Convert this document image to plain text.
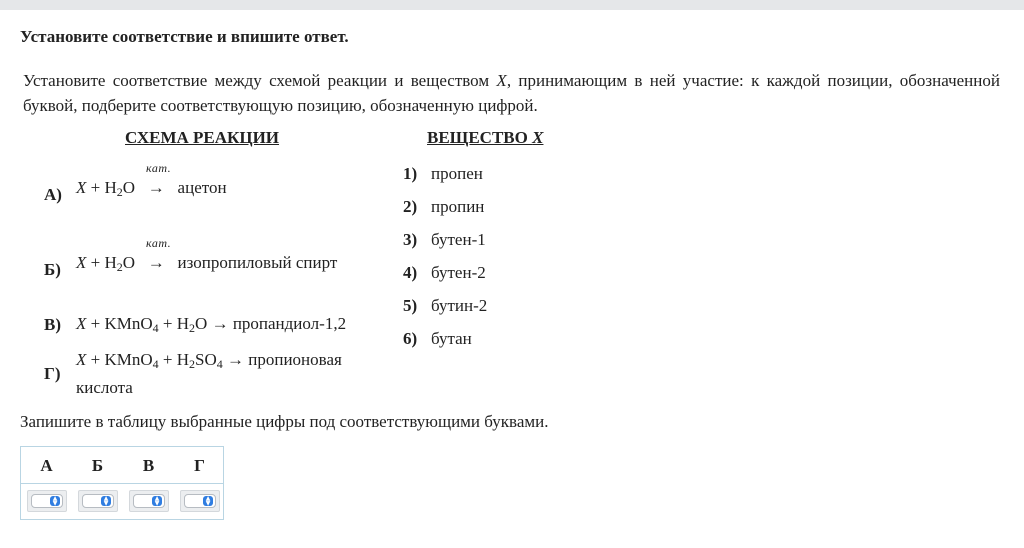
Установите соответствие и впишите ответ.
Установите соответствие между схемой реакции и веществом X, принимающим в ней участие: к каждой позиции, обозначенной буквой, подберите соответствующую позицию, обозначенную цифрой.
СХЕМА РЕАКЦИИ	ВЕЩЕСТВО X
А)
кат.
$X + H_2O$   → ацетон
Б)
кат.
$X + H_2O$   → изопропиловый спирт
В) X + KMnO$_4$ + $H_2O$ → пропандиол-1,2
Г)
X + KMnO$_4$ + $H_2SO_4$ → пропионовая
кислота
1) пропен
2) пропин
3) бутен-1
4) бутен-2
5) бутин-2
6) бутан
Запишите в таблицу выбранные цифры под соответствующими буквами.
А	Б	В	Г
▲
▼
▲
▼
▲
▼
▲
▼
